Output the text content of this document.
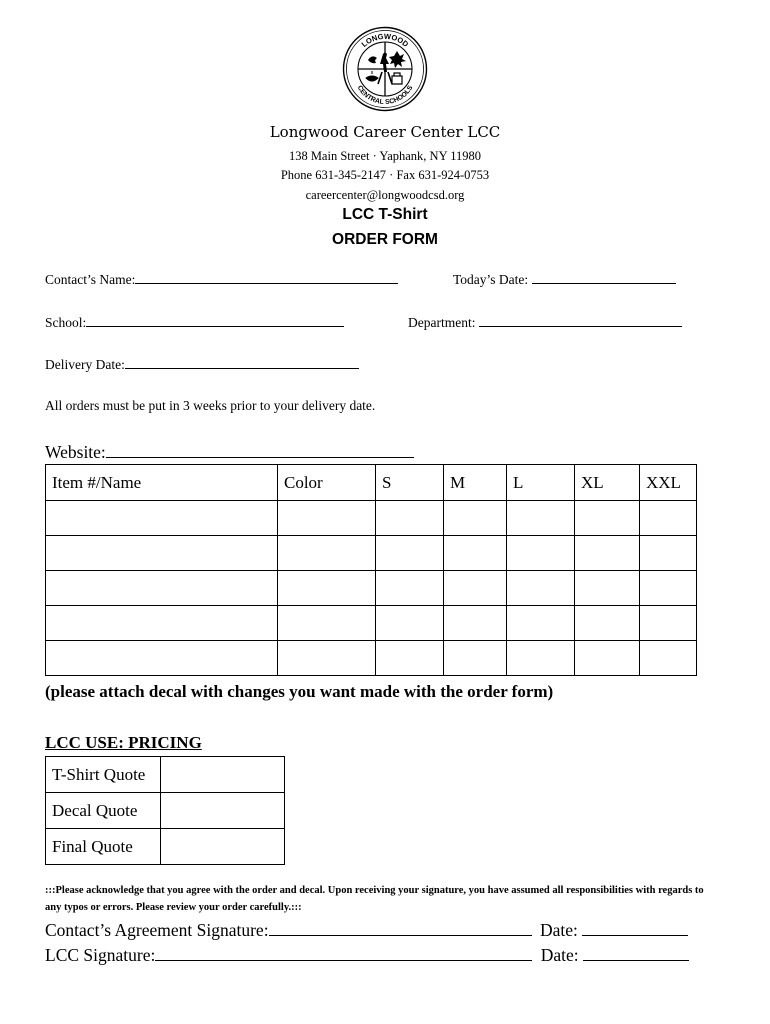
LONGWOOD
CENTRAL SCHOOLS
Longwood Career Center LCC
138 Main Street · Yaphank, NY 11980
Phone 631-345-2147 · Fax 631-924-0753
careercenter@longwoodcsd.org
LCC T-Shirt
ORDER FORM
Contact’s Name:	Today’s Date:
School:	Department:
Delivery Date:
All orders must be put in 3 weeks prior to your delivery date.
Website:
Item #/Name	Color	S	M	L	XL	XXL

(please attach decal with changes you want made with the order form)
LCC USE: PRICING
T-Shirt Quote	
Decal Quote	
Final Quote	
:::Please acknowledge that you agree with the order and decal. Upon receiving your signature, you have assumed all responsibilities with regards to any typos or errors. Please review your order carefully.:::
Contact’s Agreement Signature:	Date:
LCC Signature:	Date:
